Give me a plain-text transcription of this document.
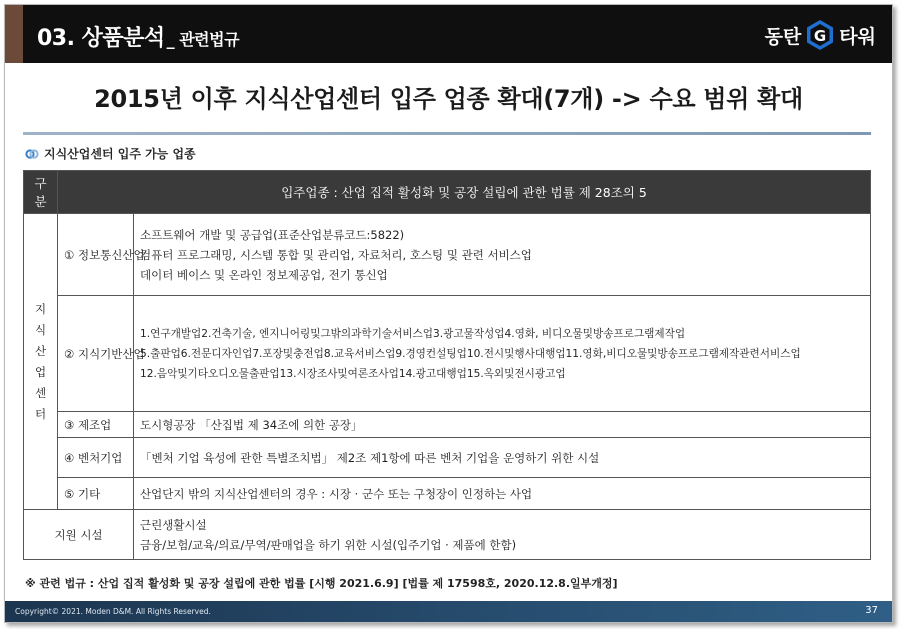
03. 상품분석 _ 관련법규	동탄 G 타워
2015년 이후 지식산업센터 입주 업종 확대(7개) -> 수요 범위 확대
지식산업센터 입주 가능 업종
구분	입주업종 : 산업 집적 활성화 및 공장 설립에 관한 법률 제 28조의 5	
지식
산업
센터	① 정보통신산업	소프트웨어 개발 및 공급업(표준산업분류코드:5822)
컴퓨터 프로그래밍, 시스템 통합 및 관리업, 자료처리, 호스팅 및 관련 서비스업
데이터 베이스 및 온라인 정보제공업, 전기 통신업

	② 지식기반산업	1.연구개발업2.건축기술, 엔지니어링및그밖의과학기술서비스업3.광고물작성업4.영화, 비디오물및방송프로그램제작업
5.출판업6.전문디자인업7.포장및충전업8.교육서비스업9.경영컨설팅업10.전시및행사대행업11.영화,비디오물및방송프로그램제작관련서비스업
12.음악및기타오디오물출판업13.시장조사및여론조사업14.광고대행업15.옥외및전시광고업

	③ 제조업	도시형공장 「산집법 제 34조에 의한 공장」

	④ 벤처기업	「벤처 기업 육성에 관한 특별조치법」 제2조 제1항에 따른 벤처 기업을 운영하기 위한 시설

	⑤ 기타	산업단지 밖의 지식산업센터의 경우 : 시장 · 군수 또는 구청장이 인정하는 사업

지원 시설		근린생활시설
금융/보험/교육/의료/무역/판매업을 하기 위한 시설(입주기업 · 제품에 한함)
※ 관련 법규 : 산업 집적 활성화 및 공장 설립에 관한 법률 [시행 2021.6.9] [법률 제 17598호, 2020.12.8.일부개정]
Copyright© 2021. Moden D&M. All Rights Reserved.	37
